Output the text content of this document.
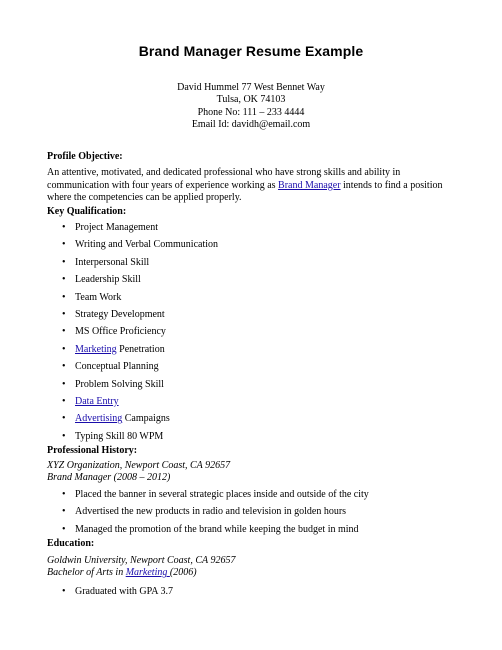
Brand Manager Resume Example
David Hummel 77 West Bennet Way
Tulsa, OK 74103
Phone No: 111 – 233 4444
Email Id: davidh@email.com
Profile Objective:
An attentive, motivated, and dedicated professional who have strong skills and ability in
communication with four years of experience working as Brand Manager intends to find a position
where the competencies can be applied properly.
Key Qualification:
• Project Management
• Writing and Verbal Communication
• Interpersonal Skill
• Leadership Skill
• Team Work
• Strategy Development
• MS Office Proficiency
• Marketing Penetration
• Conceptual Planning
• Problem Solving Skill
• Data Entry
• Advertising Campaigns
• Typing Skill 80 WPM
Professional History:
XYZ Organization, Newport Coast, CA 92657
Brand Manager (2008 – 2012)
• Placed the banner in several strategic places inside and outside of the city
• Advertised the new products in radio and television in golden hours
• Managed the promotion of the brand while keeping the budget in mind
Education:
Goldwin University, Newport Coast, CA 92657
Bachelor of Arts in Marketing (2006)
• Graduated with GPA 3.7
